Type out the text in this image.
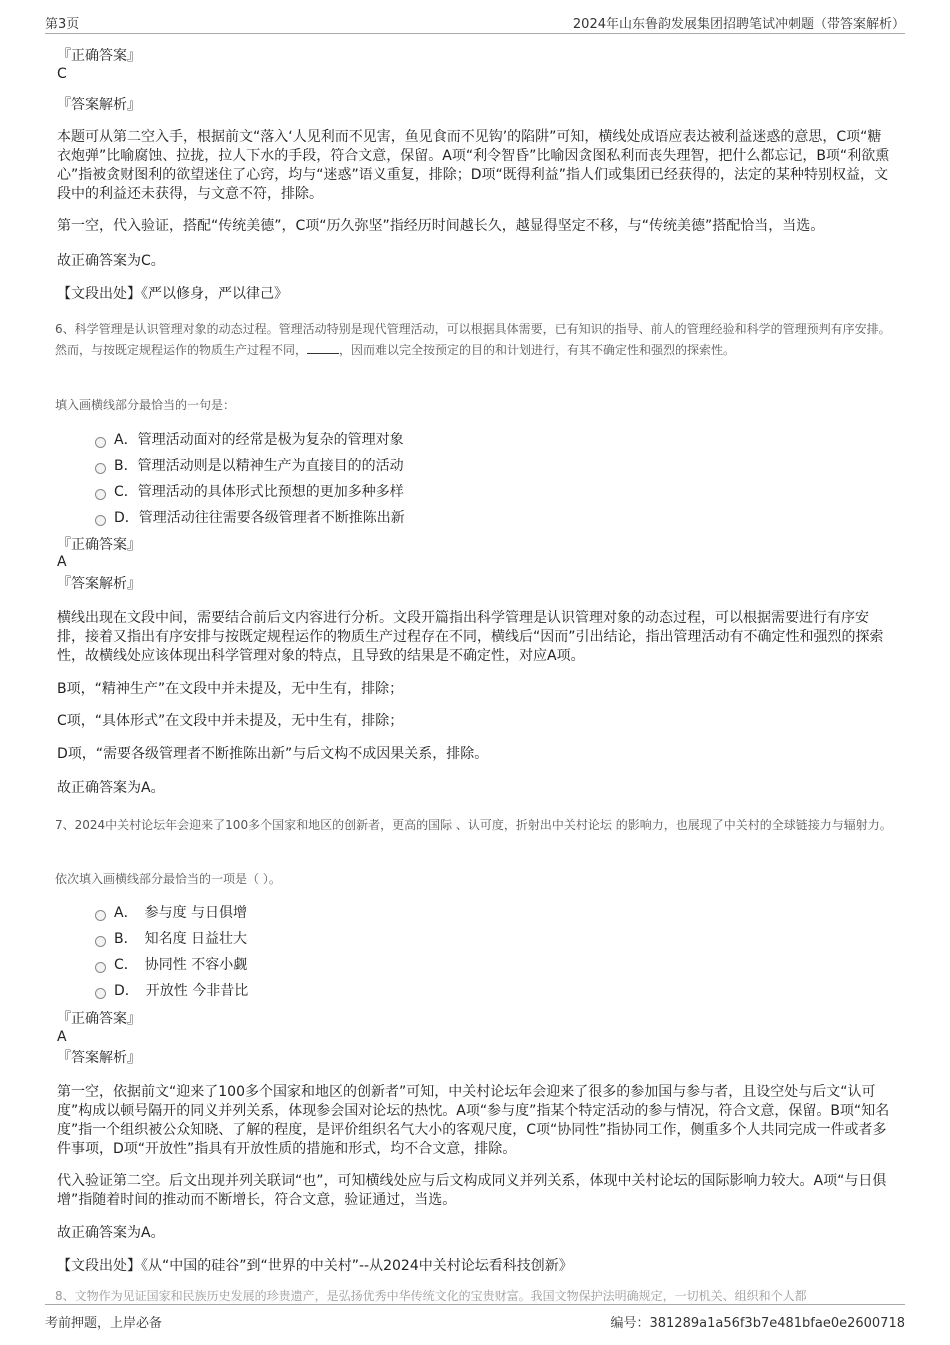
第3页	2024年山东鲁韵发展集团招聘笔试冲刺题（带答案解析）
『正确答案』
C
『答案解析』
本题可从第二空入手，根据前文“落入‘人见利而不见害，鱼见食而不见钩’的陷阱”可知，横线处成语应表达被利益迷惑的意思，C项“糖衣炮弹”比喻腐蚀、拉拢，拉人下水的手段，符合文意，保留。A项“利令智昏”比喻因贪图私利而丧失理智，把什么都忘记，B项“利欲熏心”指被贪财图利的欲望迷住了心窍，均与“迷惑”语义重复，排除；D项“既得利益”指人们或集团已经获得的，法定的某种特别权益，文段中的利益还未获得，与文意不符，排除。
第一空，代入验证，搭配“传统美德”，C项“历久弥坚”指经历时间越长久，越显得坚定不移，与“传统美德”搭配恰当，当选。
故正确答案为C。
【文段出处】《严以修身，严以律己》
6、科学管理是认识管理对象的动态过程。管理活动特别是现代管理活动，可以根据具体需要，已有知识的指导、前人的管理经验和科学的管理预判有序安排。然而，与按既定规程运作的物质生产过程不同，	，因而难以完全按预定的目的和计划进行，有其不确定性和强烈的探索性。
填入画横线部分最恰当的一句是：
A．管理活动面对的经常是极为复杂的管理对象
B．管理活动则是以精神生产为直接目的的活动
C．管理活动的具体形式比预想的更加多种多样
D．管理活动往往需要各级管理者不断推陈出新
『正确答案』
A
『答案解析』
横线出现在文段中间，需要结合前后文内容进行分析。文段开篇指出科学管理是认识管理对象的动态过程，可以根据需要进行有序安排，接着又指出有序安排与按既定规程运作的物质生产过程存在不同，横线后“因而”引出结论，指出管理活动有不确定性和强烈的探索性，故横线处应该体现出科学管理对象的特点，且导致的结果是不确定性，对应A项。
B项，“精神生产”在文段中并未提及，无中生有，排除；
C项，“具体形式”在文段中并未提及，无中生有，排除；
D项，“需要各级管理者不断推陈出新”与后文构不成因果关系，排除。
故正确答案为A。
7、2024中关村论坛年会迎来了100多个国家和地区的创新者，更高的国际 、认可度，折射出中关村论坛 的影响力，也展现了中关村的全球链接力与辐射力。
依次填入画横线部分最恰当的一项是（ ）。
A．　参与度 与日俱增
B．　知名度 日益壮大
C．　协同性 不容小觑
D．　开放性 今非昔比
『正确答案』
A
『答案解析』
第一空，依据前文“迎来了100多个国家和地区的创新者”可知，中关村论坛年会迎来了很多的参加国与参与者，且设空处与后文“认可度”构成以顿号隔开的同义并列关系，体现参会国对论坛的热忱。A项“参与度”指某个特定活动的参与情况，符合文意，保留。B项“知名度”指一个组织被公众知晓、了解的程度，是评价组织名气大小的客观尺度，C项“协同性”指协同工作，侧重多个人共同完成一件或者多件事项，D项“开放性”指具有开放性质的措施和形式，均不合文意，排除。
代入验证第二空。后文出现并列关联词“也”，可知横线处应与后文构成同义并列关系，体现中关村论坛的国际影响力较大。A项“与日俱增”指随着时间的推动而不断增长，符合文意，验证通过，当选。
故正确答案为A。
【文段出处】《从“中国的硅谷”到“世界的中关村”--从2024中关村论坛看科技创新》
8、文物作为见证国家和民族历史发展的珍贵遗产，是弘扬优秀中华传统文化的宝贵财富。我国文物保护法明确规定，一切机关、组织和个人都
考前押题，上岸必备	编号：381289a1a56f3b7e481bfae0e2600718
